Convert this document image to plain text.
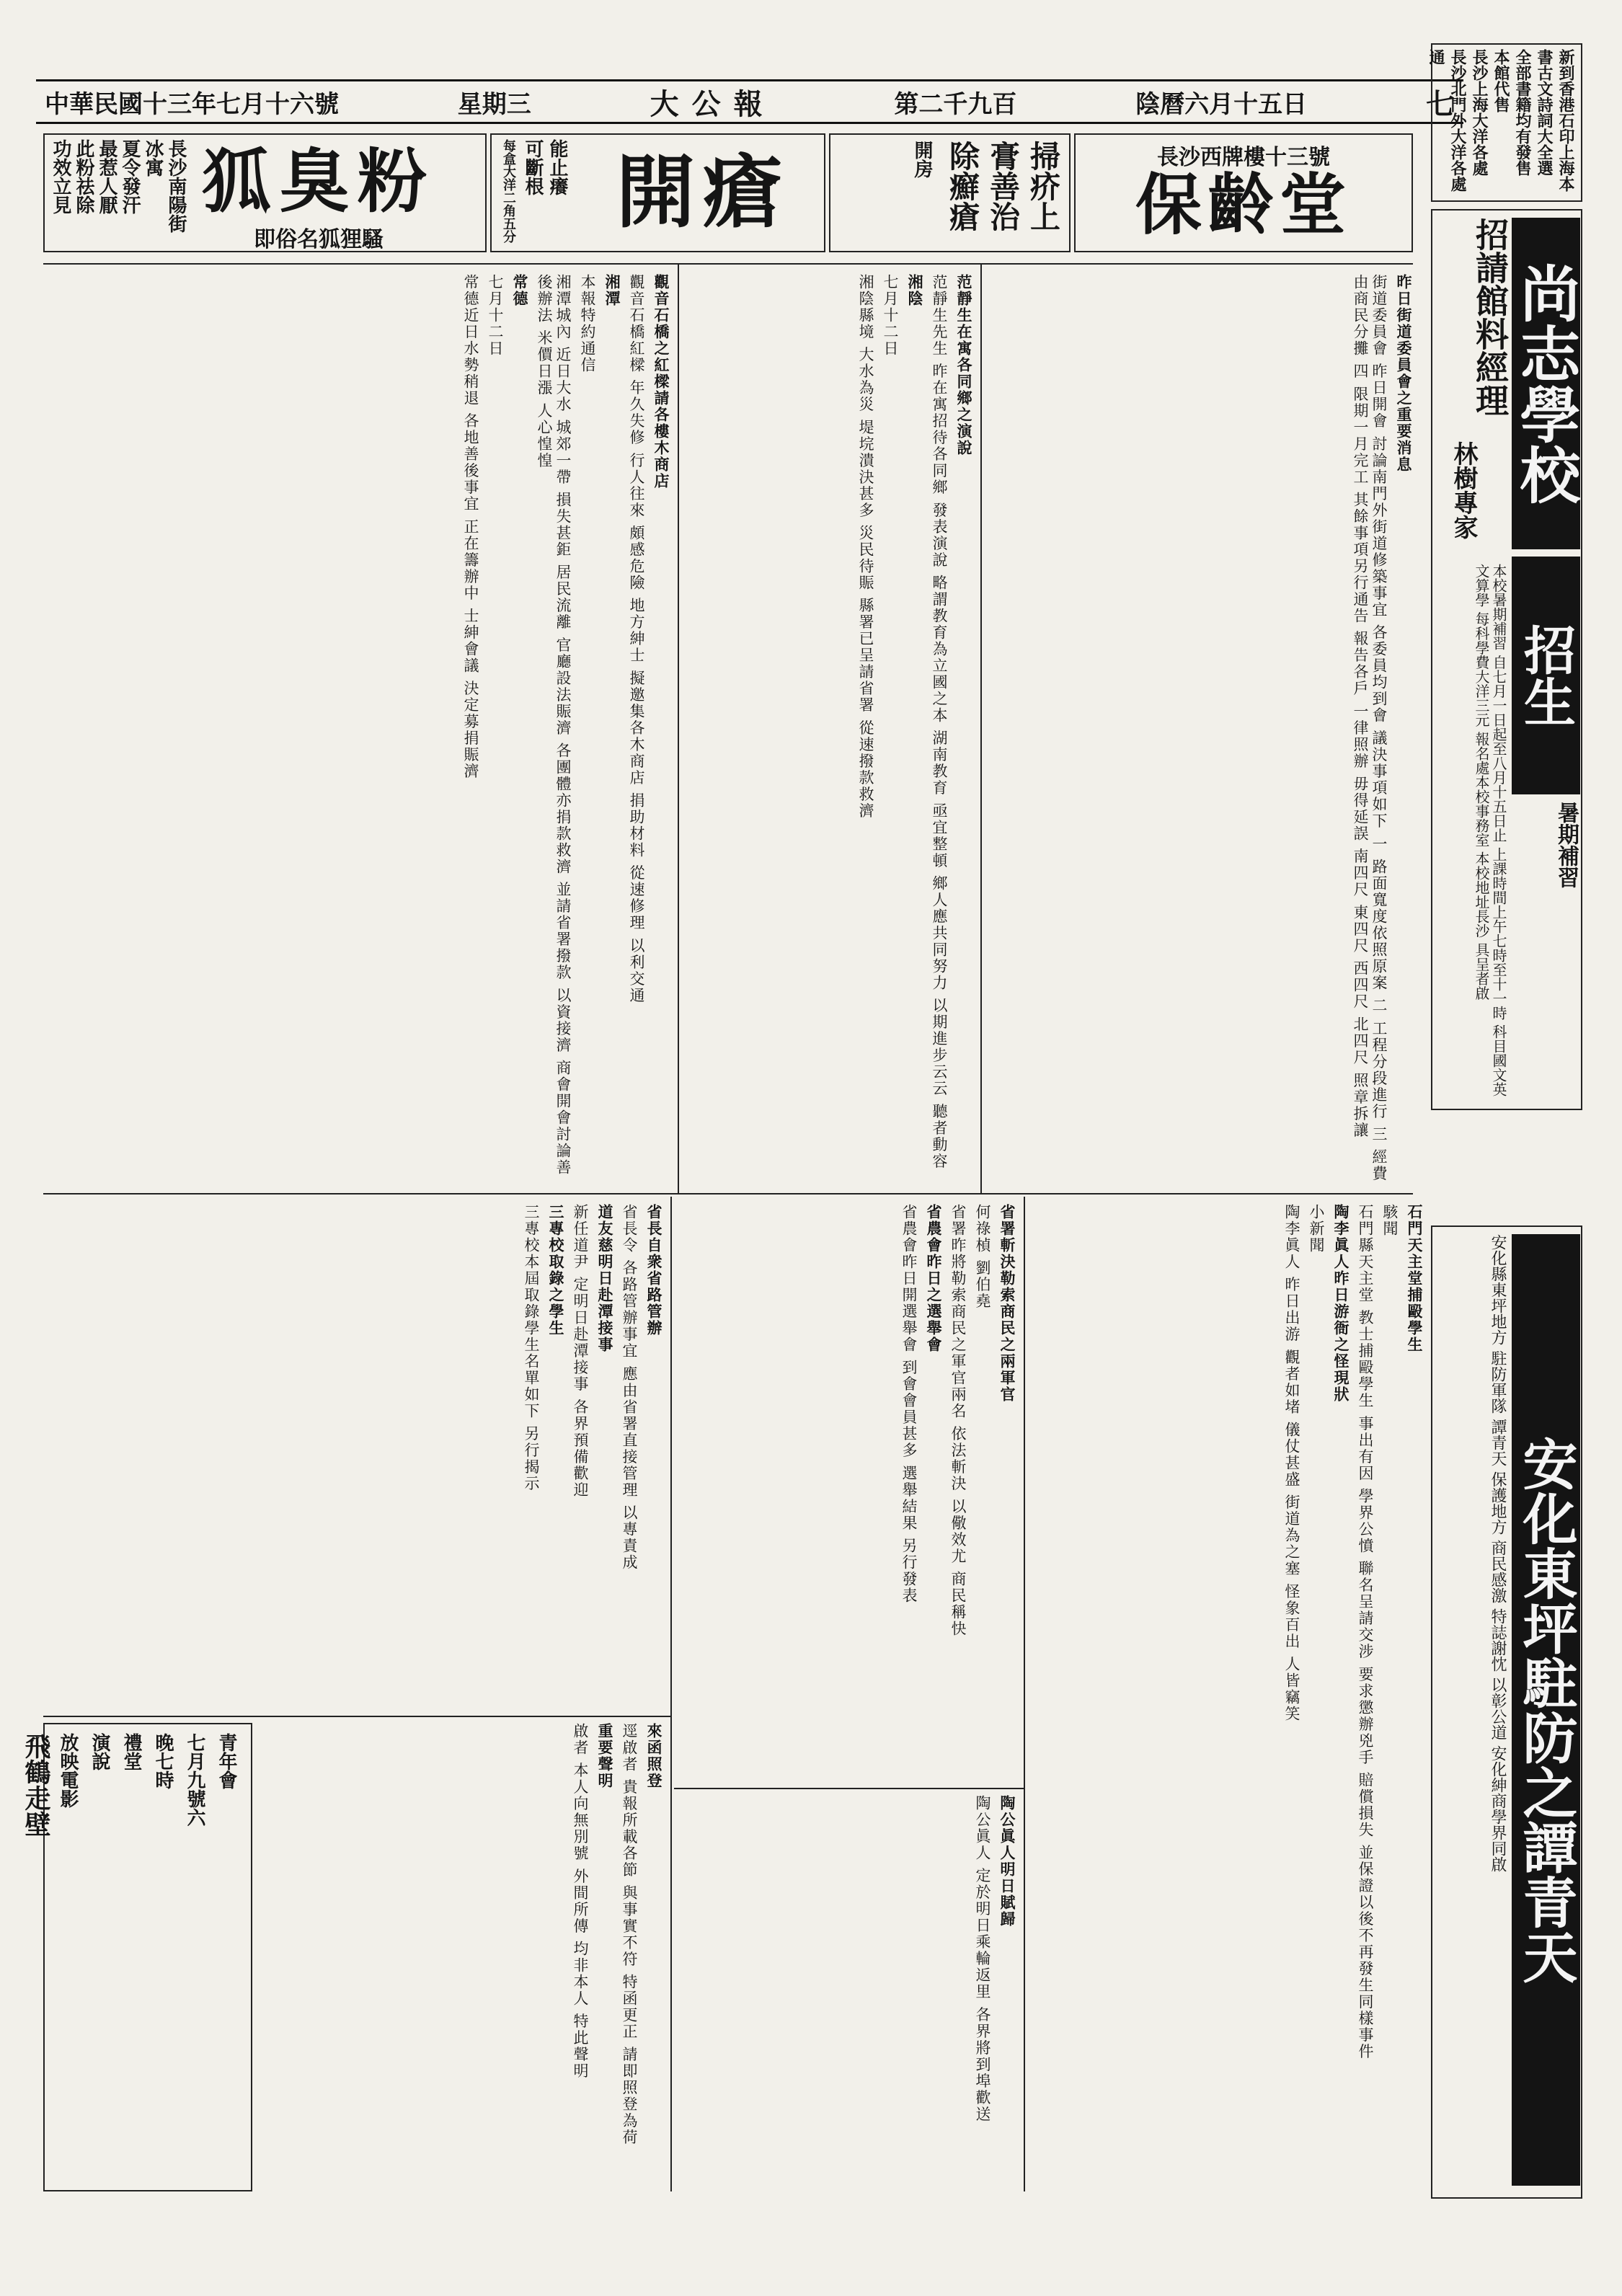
七
陰曆六月十五日
第二千九百
大公報
星期三
中華民國十三年七月十六號	新到香港石印上海本
書古文詩詞大全選
全部書籍均有發售
本館代售
長沙上海大洋各處
長沙北門外大洋各處通
長沙西牌樓十三號
保齡堂
掃疥上膏善治
除癬瘡
開房
能止癢
可斷根
每盒大洋二角五分	開瘡
長沙南陽街冰寓
夏令發汗
最惹人厭
此粉祛除
功效立見	狐臭粉
即俗名狐狸騷
尚志學校
招請館料經理
林樹專家
招生
暑期補習
本校暑期補習 自七月一日起至八月十五日止 上課時間上午七時至十一時 科目國文英文算學 每科學費大洋三元 報名處本校事務室 本校地址長沙 具呈者啟
安化東坪駐防之譚青天
安化縣東坪地方 駐防軍隊 譚青天 保護地方 商民感激 特誌謝忱 以彰公道 安化紳商學界同啟

昨日街道委員會之重要消息

街道委員會 昨日開會 討論南門外街道修築事宜 各委員均到會 議決事項如下 一 路面寬度依照原案 二 工程分段進行 三 經費由商民分攤 四 限期一月完工 其餘事項另行通告 報告各戶 一律照辦 毋得延誤 南四尺 東四尺 西四尺 北四尺 照章拆讓

范靜生在寓各同鄉之演說

范靜生先生 昨在寓招待各同鄉 發表演說 略謂教育為立國之本 湖南教育 亟宜整頓 鄉人應共同努力 以期進步云云 聽者動容

湘陰

七月十二日

湘陰縣境 大水為災 堤垸潰決甚多 災民待賑 縣署已呈請省署 從速撥款救濟

觀音石橋之紅樑請各樓木商店

觀音石橋紅樑 年久失修 行人往來 頗感危險 地方紳士 擬邀集各木商店 捐助材料 從速修理 以利交通

湘潭

本報特約通信

湘潭城內 近日大水 城郊一帶 損失甚鉅 居民流離 官廳設法賑濟 各團體亦捐款救濟 並請省署撥款 以資接濟 商會開會討論善後辦法 米價日漲 人心惶惶

常德

七月十二日

常德近日水勢稍退 各地善後事宜 正在籌辦中 士紳會議 決定募捐賑濟

石門天主堂捕毆學生

駭聞

石門縣天主堂 教士捕毆學生 事出有因 學界公憤 聯名呈請交涉 要求懲辦兇手 賠償損失 並保證以後不再發生同樣事件

陶李眞人昨日游衙之怪現狀

小新聞

陶李眞人 昨日出游 觀者如堵 儀仗甚盛 街道為之塞 怪象百出 人皆竊笑

省署斬決勒索商民之兩軍官

何祿楨 劉伯堯

省署昨將勒索商民之軍官兩名 依法斬決 以儆效尤 商民稱快

省農會昨日之選舉會

省農會昨日開選舉會 到會會員甚多 選舉結果 另行發表

陶公眞人明日賦歸

陶公眞人 定於明日乘輪返里 各界將到埠歡送

省長自衆省路管辦

省長令 各路管辦事宜 應由省署直接管理 以專責成

道友慈明日赴潭接事

新任道尹 定明日赴潭接事 各界預備歡迎

三專校取錄之學生

三專校本屆取錄學生名單如下 另行揭示

來函照登

逕啟者 貴報所載各節 與事實不符 特函更正 請即照登為荷

重要聲明

啟者 本人向無別號 外間所傳 均非本人 特此聲明

青年會
七月九號六
晚七時
禮堂
演說
放映電影
飛鶴走壁
